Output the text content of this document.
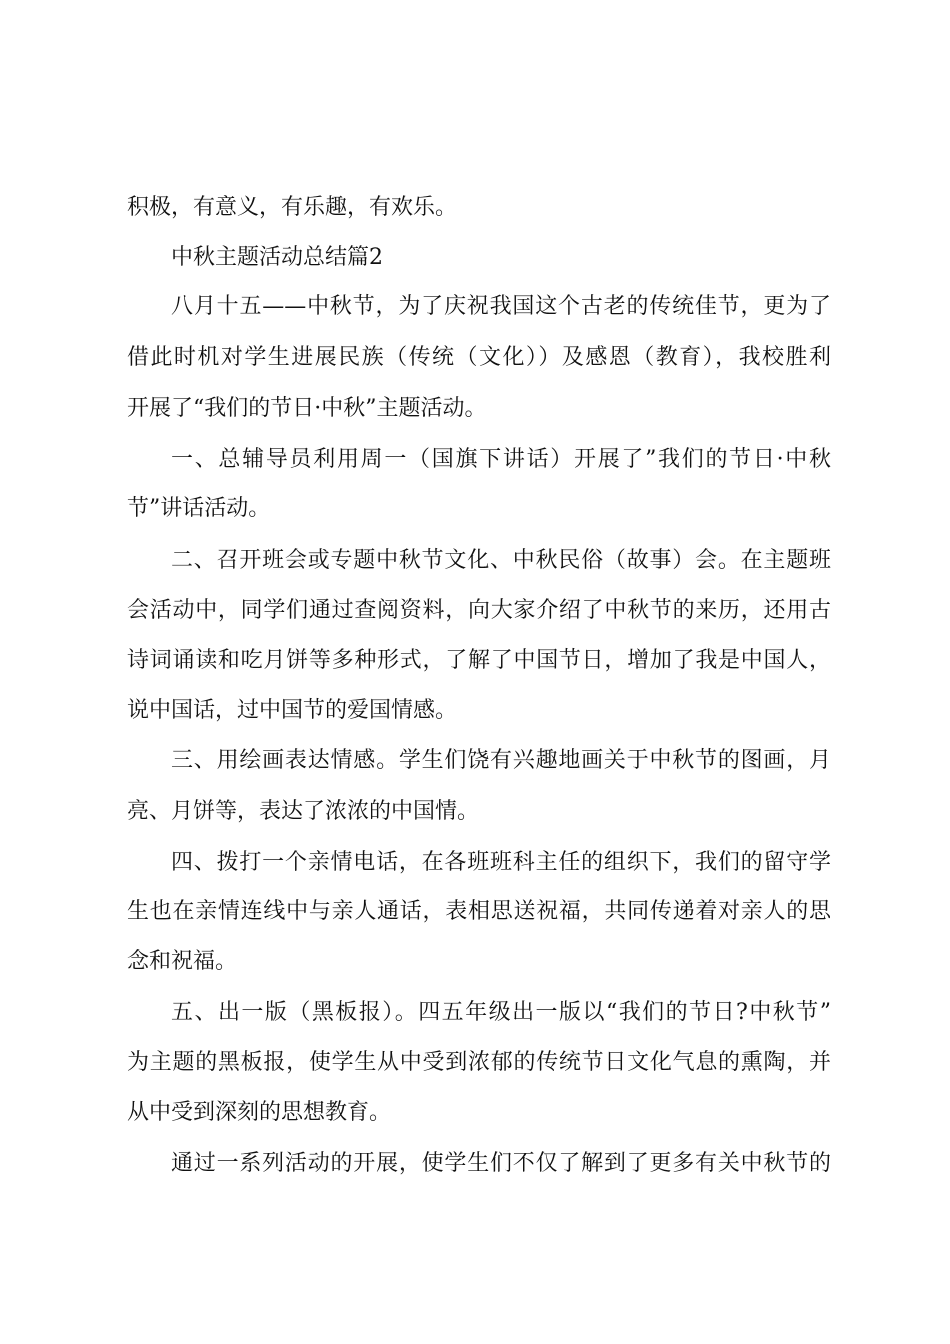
积极，有意义，有乐趣，有欢乐。
中秋主题活动总结篇2
八月十五——中秋节，为了庆祝我国这个古老的传统佳节，更为了
借此时机对学生进展民族（传统（文化））及感恩（教育），我校胜利
开展了“我们的节日·中秋”主题活动。
一、总辅导员利用周一（国旗下讲话）开展了”我们的节日·中秋
节”讲话活动。
二、召开班会或专题中秋节文化、中秋民俗（故事）会。在主题班
会活动中，同学们通过查阅资料，向大家介绍了中秋节的来历，还用古
诗词诵读和吃月饼等多种形式，了解了中国节日，增加了我是中国人，
说中国话，过中国节的爱国情感。
三、用绘画表达情感。学生们饶有兴趣地画关于中秋节的图画，月
亮、月饼等，表达了浓浓的中国情。
四、拨打一个亲情电话，在各班班科主任的组织下，我们的留守学
生也在亲情连线中与亲人通话，表相思送祝福，共同传递着对亲人的思
念和祝福。
五、出一版（黑板报）。四五年级出一版以“我们的节日?中秋节”
为主题的黑板报，使学生从中受到浓郁的传统节日文化气息的熏陶，并
从中受到深刻的思想教育。
通过一系列活动的开展，使学生们不仅了解到了更多有关中秋节的
